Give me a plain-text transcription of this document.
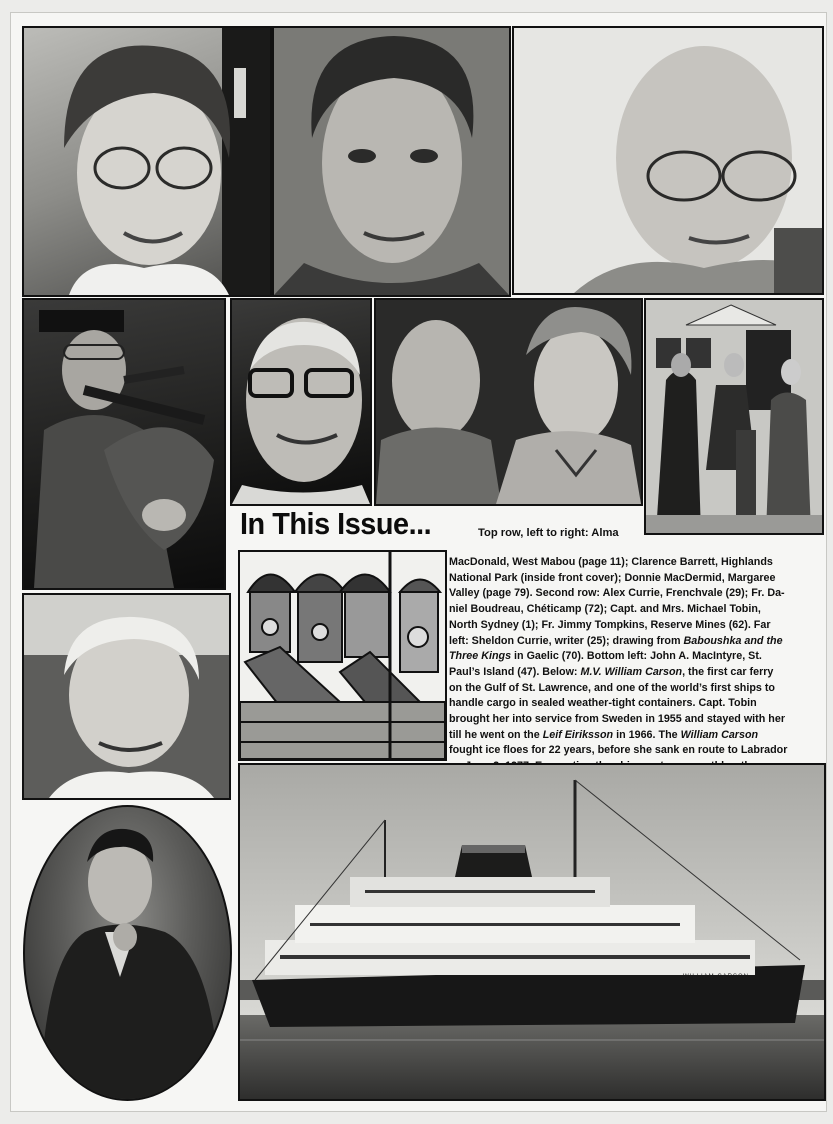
In This Issue...	Top row, left to right: Alma

MacDonald, West Mabou (page 11); Clarence Barrett, Highlands

National Park (inside front cover); Donnie MacDermid, Margaree

Valley (page 79). Second row: Alex Currie, Frenchvale (29); Fr. Da-

niel Boudreau, Chéticamp (72); Capt. and Mrs. Michael Tobin,

North Sydney (1); Fr. Jimmy Tompkins, Reserve Mines (62). Far

left: Sheldon Currie, writer (25); drawing from Baboushka and the

Three Kings in Gaelic (70). Bottom left: John A. MacIntyre, St.

Paul’s Island (47). Below: M.V. William Carson, the first car ferry

on the Gulf of St. Lawrence, and one of the world’s first ships to

handle cargo in sealed weather-tight containers. Capt. Tobin

brought her into service from Sweden in 1955 and stayed with her

till he went on the Leif Eiriksson in 1966. The William Carson

fought ice floes for 22 years, before she sank en route to Labrador

WILLIAM CARSON
